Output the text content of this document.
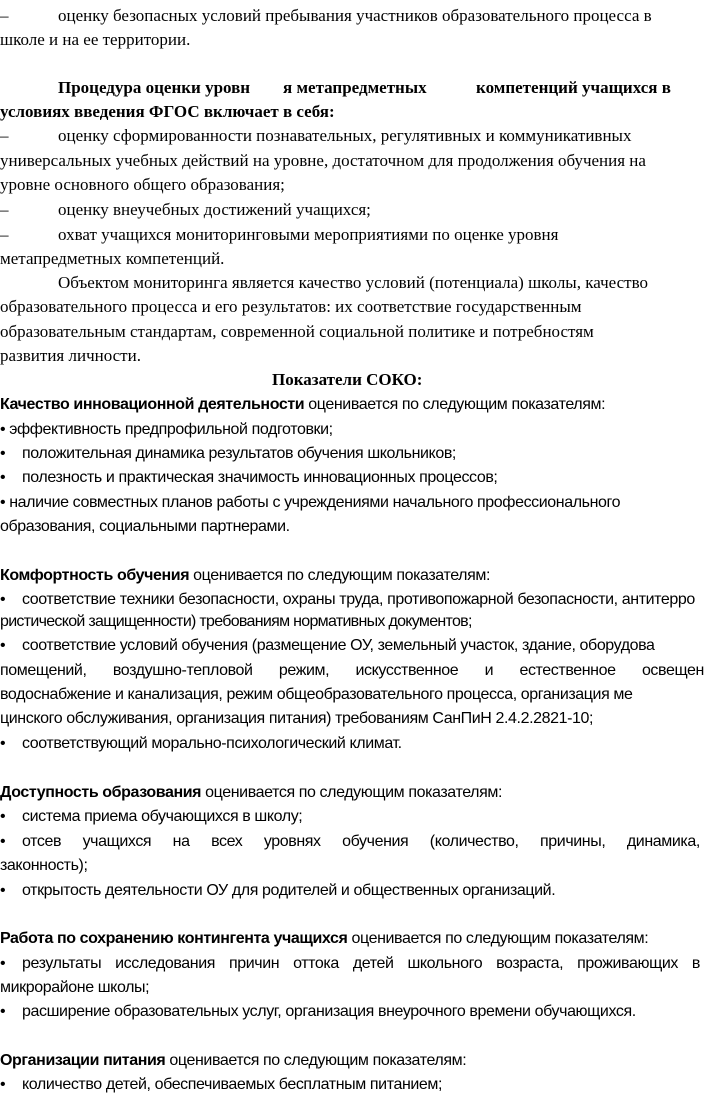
–	оценку безопасных условий пребывания участников образовательного процесса в
школе и на ее территории.
Процедура оценки уровн я метапредметных	компетенций учащихся в
условиях введения ФГОС включает в себя:
–	оценку сформированности познавательных, регулятивных и коммуникативных
универсальных учебных действий на уровне, достаточном для продолжения обучения на
уровне основного общего образования;
–	оценку внеучебных достижений учащихся;
–	охват учащихся мониторинговыми мероприятиями по оценке уровня
метапредметных компетенций.
Объектом мониторинга является качество условий (потенциала) школы, качество
образовательного процесса и его результатов: их соответствие государственным
образовательным стандартам, современной социальной политике и потребностям
развития личности.
Показатели СОКО:
Качество инновационной деятельности оценивается по следующим показателям:
• эффективность предпрофильной подготовки;
• положительная динамика результатов обучения школьников;
• полезность и практическая значимость инновационных процессов;
• наличие совместных планов работы с учреждениями начального профессионального
образования, социальными партнерами.
Комфортность обучения оценивается по следующим показателям:
• соответствие техники безопасности, охраны труда, противопожарной безопасности, антитерро
ристической защищенности) требованиям нормативных документов;
• соответствие условий обучения (размещение ОУ, земельный участок, здание, оборудова
помещений, воздушно-тепловой режим, искусственное и естественное освещен
водоснабжение и канализация, режим общеобразовательного процесса, организация ме
цинского обслуживания, организация питания) требованиям СанПиН 2.4.2.2821-10;
• соответствующий морально-психологический климат.
Доступность образования оценивается по следующим показателям:
• система приема обучающихся в школу;
• отсев учащихся на всех уровнях обучения (количество, причины, динамика,
законность);
• открытость деятельности ОУ для родителей и общественных организаций.
Работа по сохранению контингента учащихся оценивается по следующим показателям:
• результаты исследования причин оттока детей школьного возраста, проживающих в
микрорайоне школы;
• расширение образовательных услуг, организация внеурочного времени обучающихся.
Организации питания оценивается по следующим показателям:
• количество детей, обеспечиваемых бесплатным питанием;
